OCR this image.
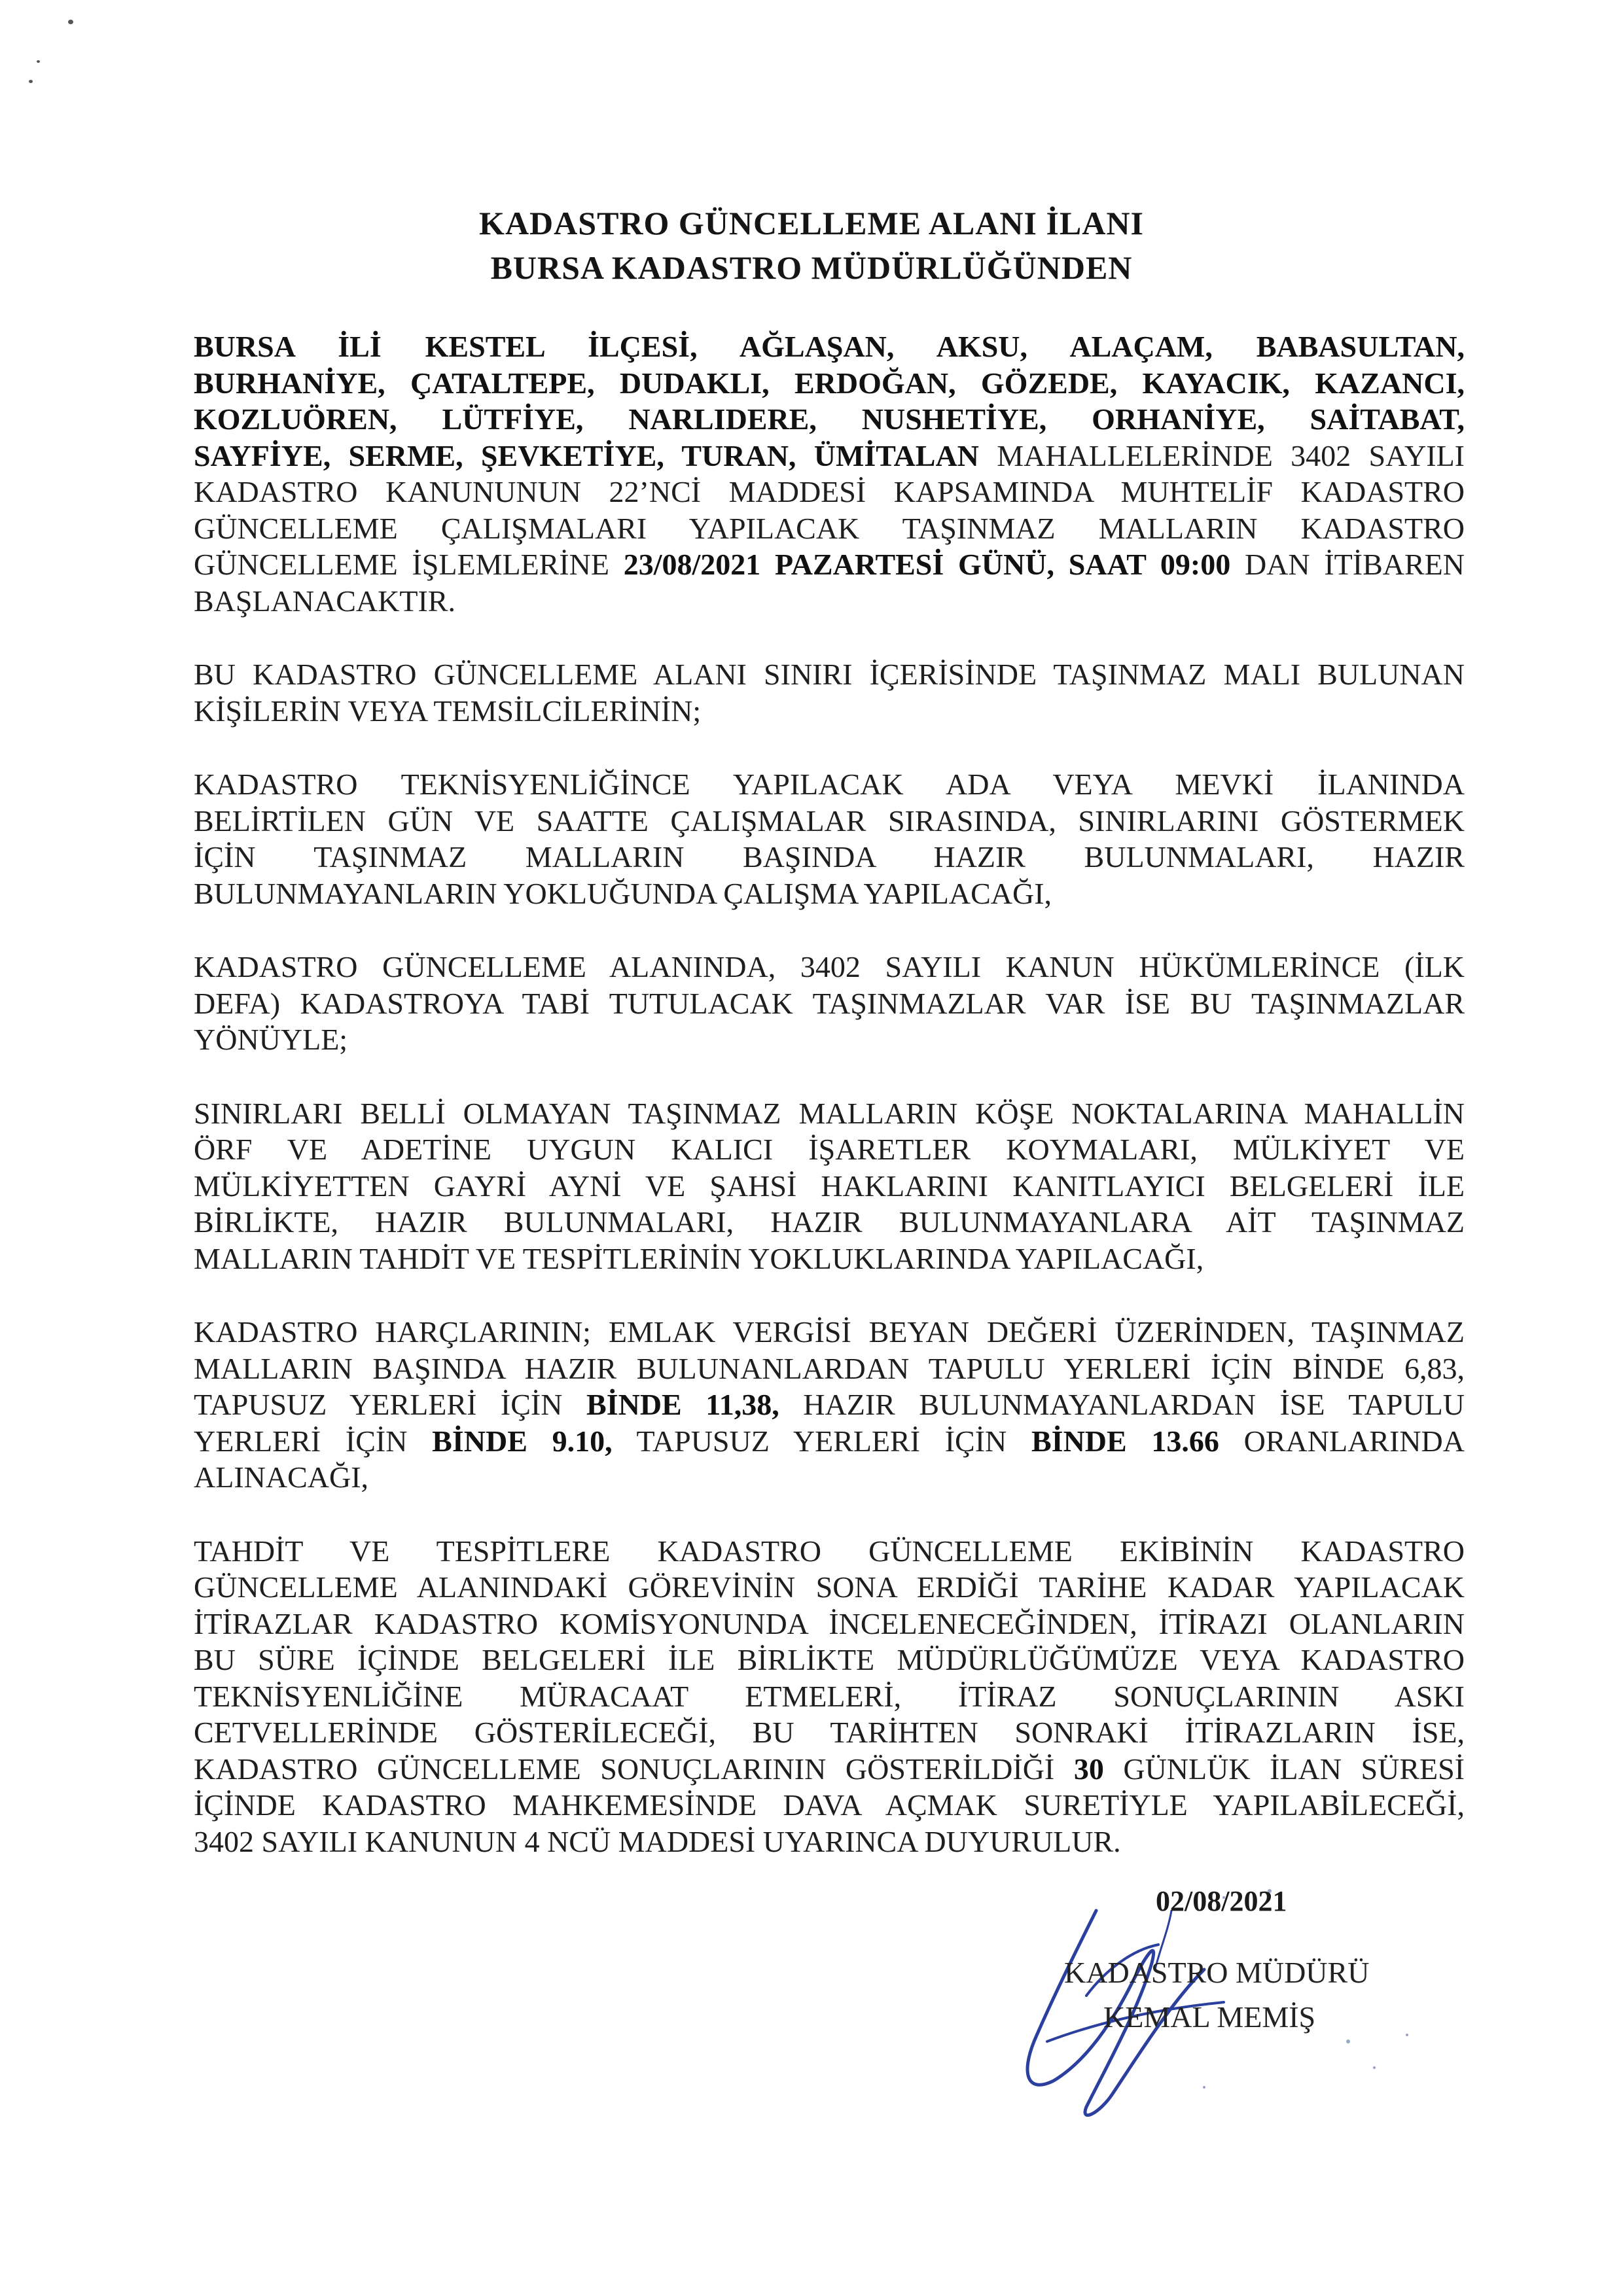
KADASTRO GÜNCELLEME ALANI İLANI
BURSA KADASTRO MÜDÜRLÜĞÜNDEN
BURSA İLİ KESTEL İLÇESİ, AĞLAŞAN, AKSU, ALAÇAM, BABASULTAN,
BURHANİYE, ÇATALTEPE, DUDAKLI, ERDOĞAN, GÖZEDE, KAYACIK, KAZANCI,
KOZLUÖREN, LÜTFİYE, NARLIDERE, NUSHETİYE, ORHANİYE, SAİTABAT,
SAYFİYE, SERME, ŞEVKETİYE, TURAN, ÜMİTALAN MAHALLELERİNDE 3402 SAYILI
KADASTRO KANUNUNUN 22’NCİ MADDESİ KAPSAMINDA MUHTELİF KADASTRO
GÜNCELLEME ÇALIŞMALARI YAPILACAK TAŞINMAZ MALLARIN KADASTRO
GÜNCELLEME İŞLEMLERİNE 23/08/2021 PAZARTESİ GÜNÜ, SAAT 09:00 DAN İTİBAREN
BAŞLANACAKTIR.
BU KADASTRO GÜNCELLEME ALANI SINIRI İÇERİSİNDE TAŞINMAZ MALI BULUNAN
KİŞİLERİN VEYA TEMSİLCİLERİNİN;
KADASTRO TEKNİSYENLİĞİNCE YAPILACAK ADA VEYA MEVKİ İLANINDA
BELİRTİLEN GÜN VE SAATTE ÇALIŞMALAR SIRASINDA, SINIRLARINI GÖSTERMEK
İÇİN TAŞINMAZ MALLARIN BAŞINDA HAZIR BULUNMALARI, HAZIR
BULUNMAYANLARIN YOKLUĞUNDA ÇALIŞMA YAPILACAĞI,
KADASTRO GÜNCELLEME ALANINDA, 3402 SAYILI KANUN HÜKÜMLERİNCE (İLK
DEFA) KADASTROYA TABİ TUTULACAK TAŞINMAZLAR VAR İSE BU TAŞINMAZLAR
YÖNÜYLE;
SINIRLARI BELLİ OLMAYAN TAŞINMAZ MALLARIN KÖŞE NOKTALARINA MAHALLİN
ÖRF VE ADETİNE UYGUN KALICI İŞARETLER KOYMALARI, MÜLKİYET VE
MÜLKİYETTEN GAYRİ AYNİ VE ŞAHSİ HAKLARINI KANITLAYICI BELGELERİ İLE
BİRLİKTE, HAZIR BULUNMALARI, HAZIR BULUNMAYANLARA AİT TAŞINMAZ
MALLARIN TAHDİT VE TESPİTLERİNİN YOKLUKLARINDA YAPILACAĞI,
KADASTRO HARÇLARININ; EMLAK VERGİSİ BEYAN DEĞERİ ÜZERİNDEN, TAŞINMAZ
MALLARIN BAŞINDA HAZIR BULUNANLARDAN TAPULU YERLERİ İÇİN BİNDE 6,83,
TAPUSUZ YERLERİ İÇİN BİNDE 11,38, HAZIR BULUNMAYANLARDAN İSE TAPULU
YERLERİ İÇİN BİNDE 9.10, TAPUSUZ YERLERİ İÇİN BİNDE 13.66 ORANLARINDA
ALINACAĞI,
TAHDİT VE TESPİTLERE KADASTRO GÜNCELLEME EKİBİNİN KADASTRO
GÜNCELLEME ALANINDAKİ GÖREVİNİN SONA ERDİĞİ TARİHE KADAR YAPILACAK
İTİRAZLAR KADASTRO KOMİSYONUNDA İNCELENECEĞİNDEN, İTİRAZI OLANLARIN
BU SÜRE İÇİNDE BELGELERİ İLE BİRLİKTE MÜDÜRLÜĞÜMÜZE VEYA KADASTRO
TEKNİSYENLİĞİNE MÜRACAAT ETMELERİ, İTİRAZ SONUÇLARININ ASKI
CETVELLERİNDE GÖSTERİLECEĞİ, BU TARİHTEN SONRAKİ İTİRAZLARIN İSE,
KADASTRO GÜNCELLEME SONUÇLARININ GÖSTERİLDİĞİ 30 GÜNLÜK İLAN SÜRESİ
İÇİNDE KADASTRO MAHKEMESİNDE DAVA AÇMAK SURETİYLE YAPILABİLECEĞİ,
3402 SAYILI KANUNUN 4 NCÜ MADDESİ UYARINCA DUYURULUR.
02/08/2021
KADASTRO MÜDÜRÜ
KEMAL MEMİŞ
